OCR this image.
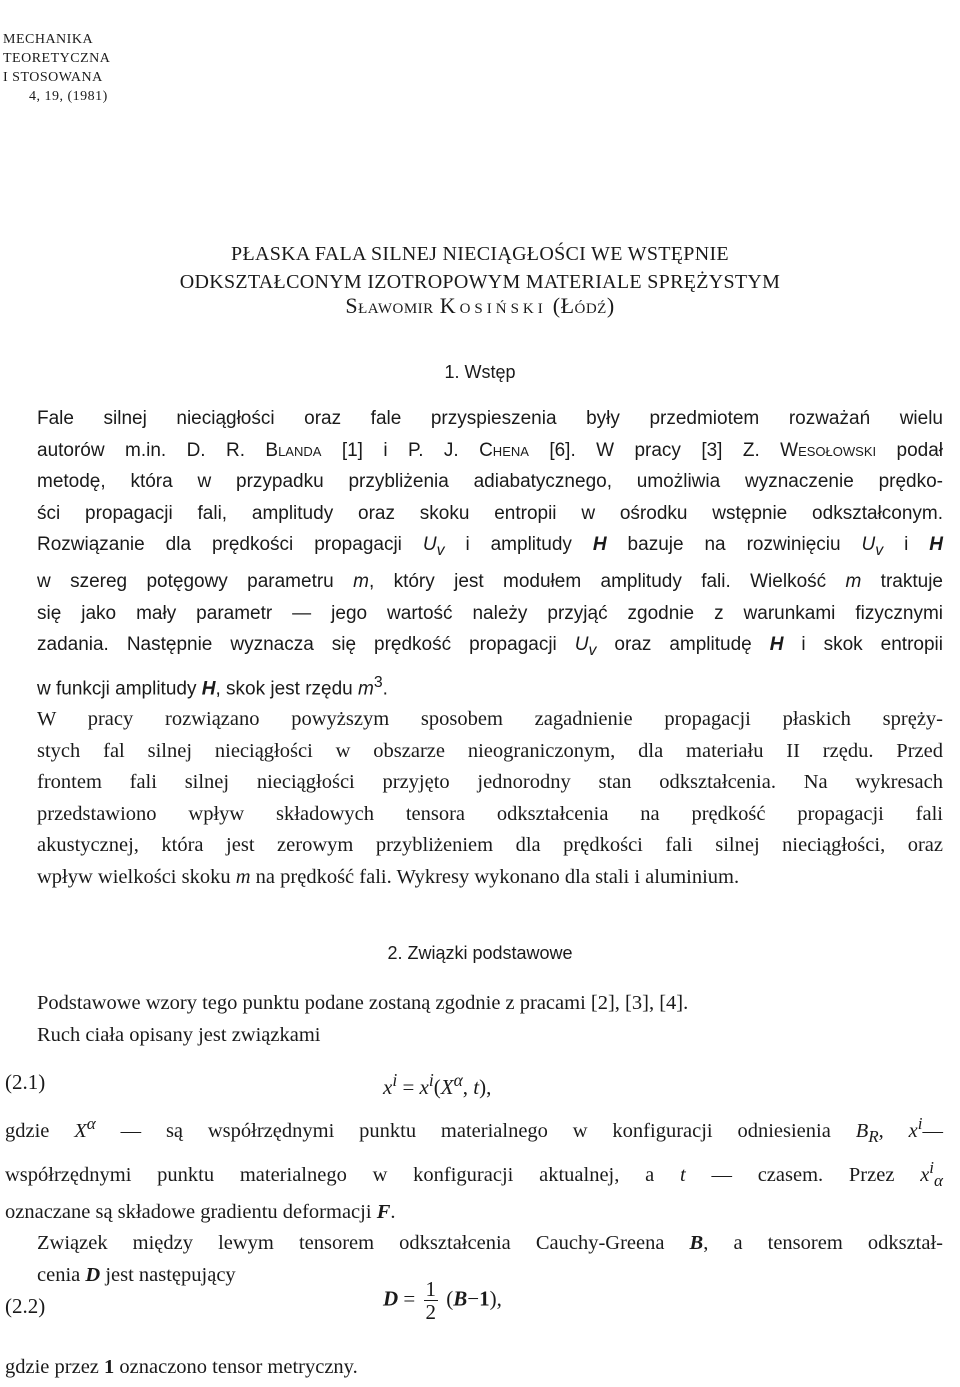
MECHANIKA
TEORETYCZNA
I STOSOWANA
4, 19, (1981)
PŁASKA FALA SILNEJ NIECIĄGŁOŚCI WE WSTĘPNIE
ODKSZTAŁCONYM IZOTROPOWYM MATERIALE SPRĘŻYSTYM
Sławomir Kosiński (Łódź)
1. Wstęp

Fale silnej nieciągłości oraz fale przyspieszenia były przedmiotem rozważań wielu
autorów m.in. D. R. Blanda [1] i P. J. Chena [6]. W pracy [3] Z. Wesołowski podał
metodę, która w przypadku przybliżenia adiabatycznego, umożliwia wyznaczenie prędko-
ści propagacji fali, amplitudy oraz skoku entropii w ośrodku wstępnie odkształconym.
Rozwiązanie dla prędkości propagacji $U_v$ i amplitudy H bazuje na rozwinięciu $U_v$ i H
w szereg potęgowy parametru m, który jest modułem amplitudy fali. Wielkość m traktuje
się jako mały parametr — jego wartość należy przyjąć zgodnie z warunkami fizycznymi
zadania. Następnie wyznacza się prędkość propagacji $U_v$ oraz amplitudę H i skok entropii
w funkcji amplitudy H, skok jest rzędu $m^3$.

W pracy rozwiązano powyższym sposobem zagadnienie propagacji płaskich spręży-
stych fal silnej nieciągłości w obszarze nieograniczonym, dla materiału II rzędu. Przed
frontem fali silnej nieciągłości przyjęto jednorodny stan odkształcenia. Na wykresach
przedstawiono wpływ składowych tensora odkształcenia na prędkość propagacji fali
akustycznej, która jest zerowym przybliżeniem dla prędkości fali silnej nieciągłości, oraz
wpływ wielkości skoku m na prędkość fali. Wykresy wykonano dla stali i aluminium.

2. Związki podstawowe

Podstawowe wzory tego punktu podane zostaną zgodnie z pracami [2], [3], [4].

Ruch ciała opisany jest związkami

(2.1)	$x^i = x^i(X^\alpha$, t),

gdzie $X^\alpha$ — są współrzędnymi punktu materialnego w konfiguracji odniesienia $B_R$, $x^i—$
współrzędnymi punktu materialnego w konfiguracji aktualnej, a t — czasem. Przez $x^i_\alpha$
oznaczane są składowe gradientu deformacji F.

Związek między lewym tensorem odkształcenia Cauchy-Greena B, a tensorem odkształ-
cenia D jest następujący

(2.2)	$D = \frac{1}{2} (B-1)$,

gdzie przez 1 oznaczono tensor metryczny.
